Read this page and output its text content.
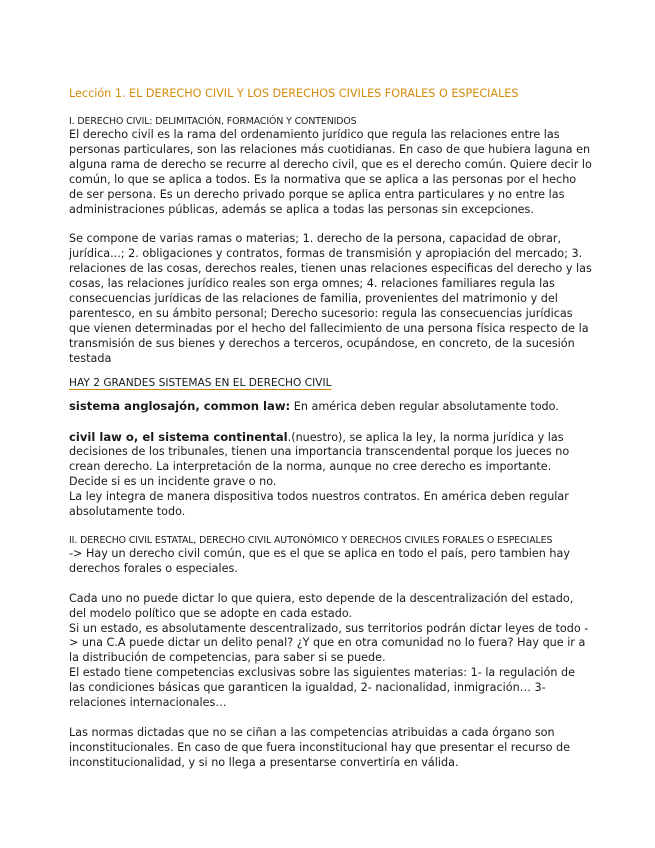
Lección 1. EL DERECHO CIVIL Y LOS DERECHOS CIVILES FORALES O ESPECIALES
I. DERECHO CIVIL: DELIMITACIÓN, FORMACIÓN Y CONTENIDOS

El derecho civil es la rama del ordenamiento jurídico que regula las relaciones entre las personas particulares, son las relaciones más cuotidianas. En caso de que hubiera laguna en alguna rama de derecho se recurre al derecho civil, que es el derecho común. Quiere decir lo común, lo que se aplica a todos. Es la normativa que se aplica a las personas por el hecho de ser persona. Es un derecho privado porque se aplica entra particulares y no entre las administraciones públicas, además se aplica a todas las personas sin excepciones.

Se compone de varias ramas o materias; 1. derecho de la persona, capacidad de obrar, jurídica...; 2. obligaciones y contratos, formas de transmisión y apropiación del mercado; 3. relaciones de las cosas, derechos reales, tienen unas relaciones especificas del derecho y las cosas, las relaciones jurídico reales son erga omnes; 4. relaciones familiares regula las consecuencias jurídicas de las relaciones de familia, provenientes del matrimonio y del parentesco, en su ámbito personal; Derecho sucesorio: regula las consecuencias jurídicas que vienen determinadas por el hecho del fallecimiento de una persona física respecto de la transmisión de sus bienes y derechos a terceros, ocupándose, en concreto, de la sucesión testada

HAY 2 GRANDES SISTEMAS EN EL DERECHO CIVIL

sistema anglosajón, common law: En américa deben regular absolutamente todo.

civil law o, el sistema continental.(nuestro), se aplica la ley, la norma jurídica y las decisiones de los tribunales, tienen una importancia transcendental porque los jueces no crean derecho. La interpretación de la norma, aunque no cree derecho es importante. Decide si es un incidente grave o no.

La ley integra de manera dispositiva todos nuestros contratos. En américa deben regular absolutamente todo.

II. DERECHO CIVIL ESTATAL, DERECHO CIVIL AUTONÓMICO Y DERECHOS CIVILES FORALES O ESPECIALES

-> Hay un derecho civil común, que es el que se aplica en todo el país, pero tambien hay derechos forales o especiales.

Cada uno no puede dictar lo que quiera, esto depende de la descentralización del estado, del modelo político que se adopte en cada estado.

Si un estado, es absolutamente descentralizado, sus territorios podrán dictar leyes de todo -> una C.A puede dictar un delito penal? ¿Y que en otra comunidad no lo fuera? Hay que ir a la distribución de competencias, para saber si se puede.

El estado tiene competencias exclusivas sobre las siguientes materias: 1- la regulación de las condiciones básicas que garanticen la igualdad, 2- nacionalidad, inmigración… 3- relaciones internacionales…

Las normas dictadas que no se ciñan a las competencias atribuidas a cada órgano son inconstitucionales. En caso de que fuera inconstitucional hay que presentar el recurso de inconstitucionalidad, y si no llega a presentarse convertiría en válida.
